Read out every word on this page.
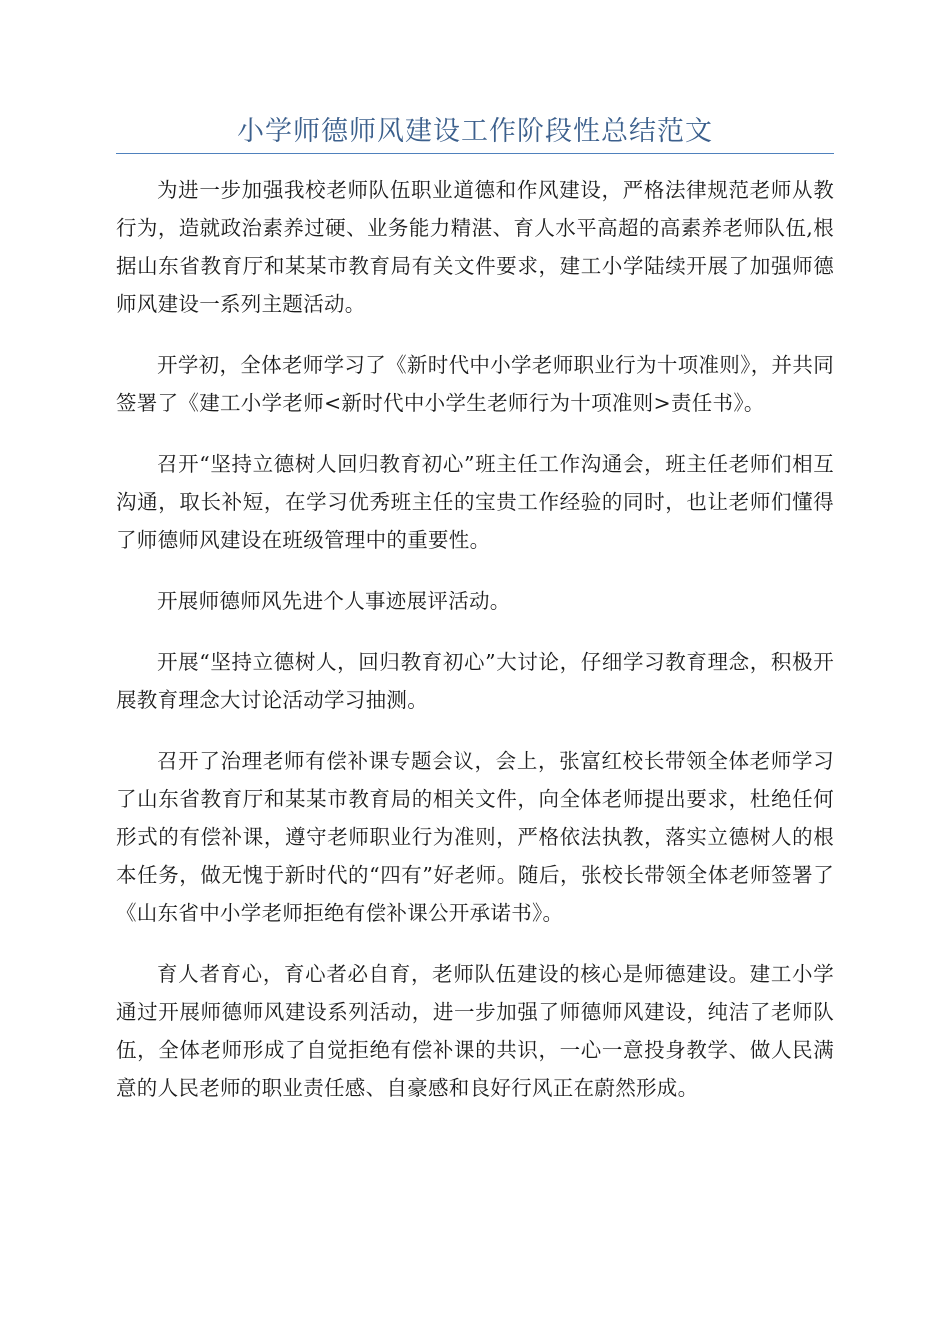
小学师德师风建设工作阶段性总结范文

为进一步加强我校老师队伍职业道德和作风建设，严格法律规范老师从教行为，造就政治素养过硬、业务能力精湛、育人水平高超的高素养老师队伍,根据山东省教育厅和某某市教育局有关文件要求，建工小学陆续开展了加强师德师风建设一系列主题活动。

开学初，全体老师学习了《新时代中小学老师职业行为十项准则》，并共同签署了《建工小学老师<新时代中小学生老师行为十项准则>责任书》。

召开“坚持立德树人回归教育初心”班主任工作沟通会，班主任老师们相互沟通，取长补短，在学习优秀班主任的宝贵工作经验的同时，也让老师们懂得了师德师风建设在班级管理中的重要性。

开展师德师风先进个人事迹展评活动。

开展“坚持立德树人，回归教育初心”大讨论，仔细学习教育理念，积极开展教育理念大讨论活动学习抽测。

召开了治理老师有偿补课专题会议，会上，张富红校长带领全体老师学习了山东省教育厅和某某市教育局的相关文件，向全体老师提出要求，杜绝任何形式的有偿补课，遵守老师职业行为准则，严格依法执教，落实立德树人的根本任务，做无愧于新时代的“四有”好老师。随后，张校长带领全体老师签署了《山东省中小学老师拒绝有偿补课公开承诺书》。

育人者育心，育心者必自育，老师队伍建设的核心是师德建设。建工小学通过开展师德师风建设系列活动，进一步加强了师德师风建设，纯洁了老师队伍，全体老师形成了自觉拒绝有偿补课的共识，一心一意投身教学、做人民满意的人民老师的职业责任感、自豪感和良好行风正在蔚然形成。
